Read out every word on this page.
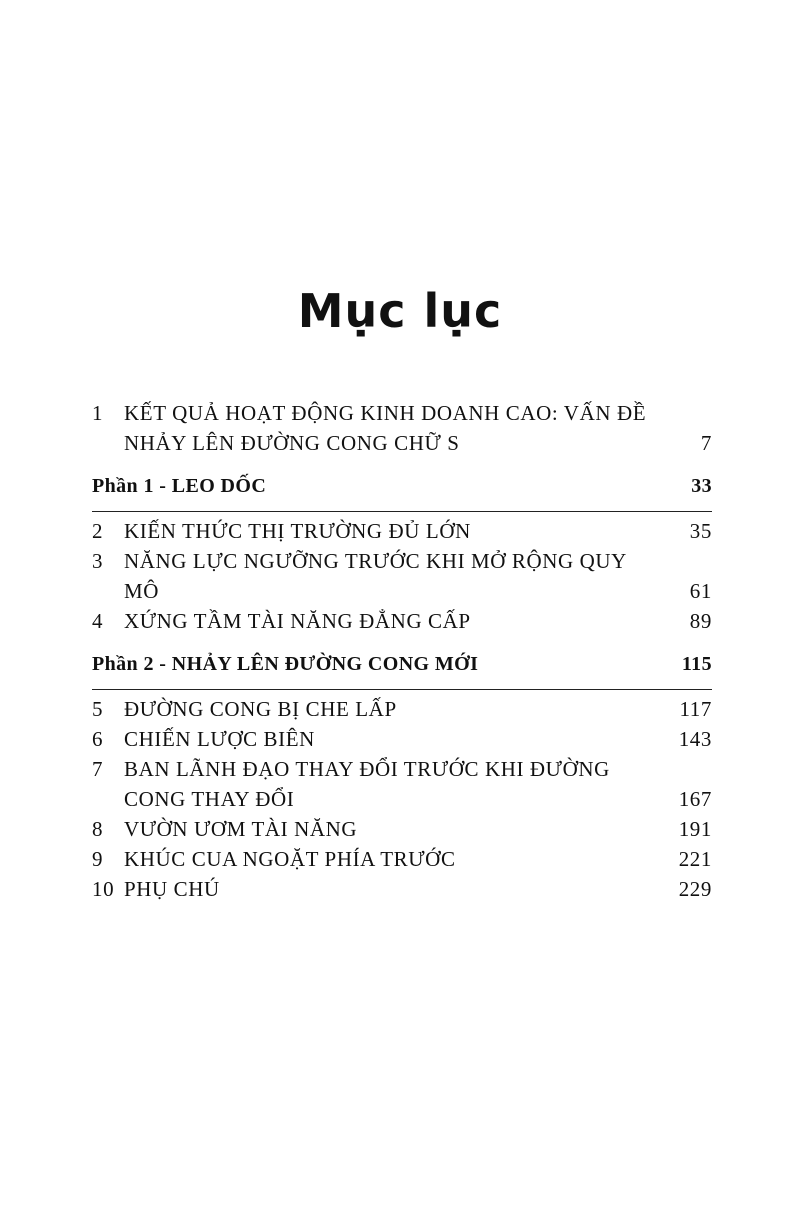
Mục lục
1 KẾT QUẢ HOẠT ĐỘNG KINH DOANH CAO: VẤN ĐỀ NHẢY LÊN ĐƯỜNG CONG CHỮ S	7
Phần 1 - LEO DỐC	33
2 KIẾN THỨC THỊ TRƯỜNG ĐỦ LỚN	35
3 NĂNG LỰC NGƯỠNG TRƯỚC KHI MỞ RỘNG QUY MÔ	61
4 XỨNG TẦM TÀI NĂNG ĐẲNG CẤP	89
Phần 2 - NHẢY LÊN ĐƯỜNG CONG MỚI	115
5 ĐƯỜNG CONG BỊ CHE LẤP	117
6 CHIẾN LƯỢC BIÊN	143
7 BAN LÃNH ĐẠO THAY ĐỔI TRƯỚC KHI ĐƯỜNG CONG THAY ĐỔI	167
8 VƯỜN ƯƠM TÀI NĂNG	191
9 KHÚC CUA NGOẶT PHÍA TRƯỚC	221
10 PHỤ CHÚ	229
